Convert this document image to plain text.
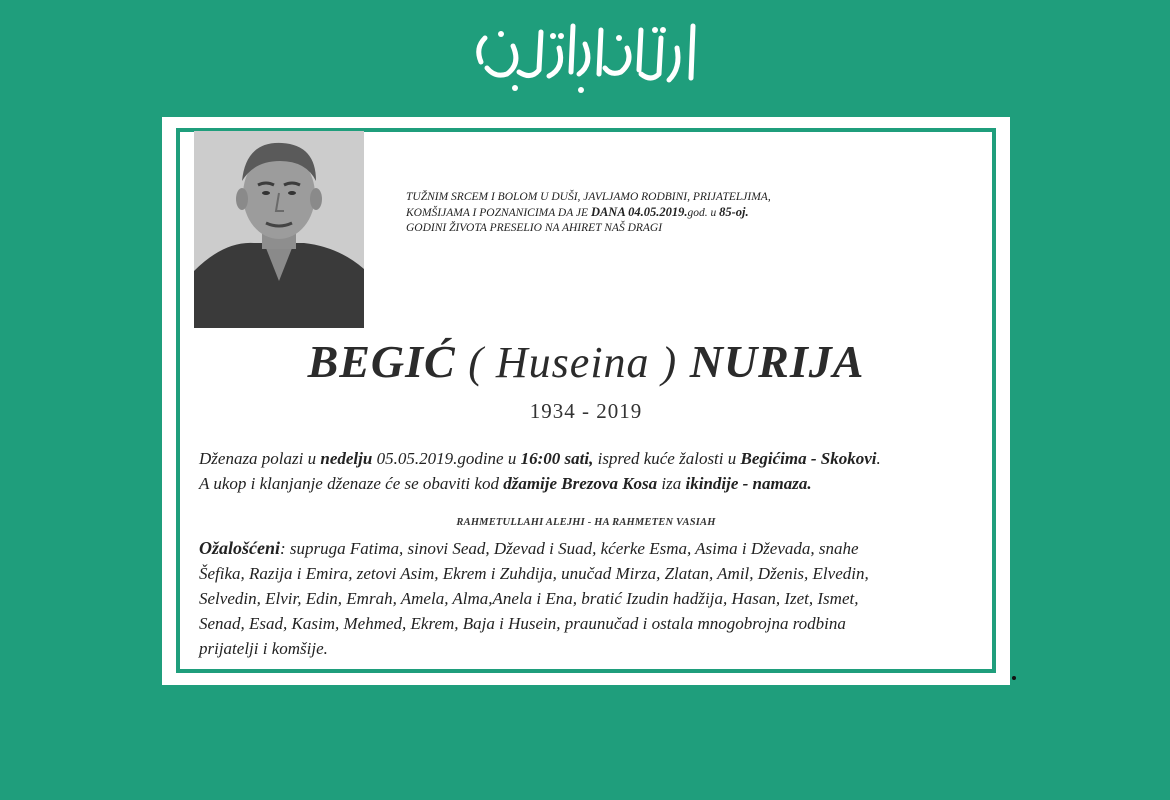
TUŽNIM SRCEM I BOLOM U DUŠI, JAVLJAMO RODBINI, PRIJATELJIMA,
KOMŠIJAMA I POZNANICIMA DA JE DANA 04.05.2019.god. u 85-oj.
GODINI ŽIVOTA PRESELIO NA AHIRET NAŠ DRAGI
BEGIĆ ( Huseina ) NURIJA
1934 - 2019
Dženaza polazi u nedelju 05.05.2019.godine u 16:00 sati, ispred kuće žalosti u Begićima - Skokovi.
A ukop i klanjanje dženaze će se obaviti kod džamije Brezova Kosa iza ikindije - namaza.
RAHMETULLAHI ALEJHI - HA RAHMETEN VASIAH
Ožalošćeni: supruga Fatima, sinovi Sead, Dževad i Suad, kćerke Esma, Asima i Dževada, snahe
Šefika, Razija i Emira, zetovi Asim, Ekrem i Zuhdija, unučad Mirza, Zlatan, Amil, Dženis, Elvedin,
Selvedin, Elvir, Edin, Emrah, Amela, Alma,Anela i Ena, bratić Izudin hadžija, Hasan, Izet, Ismet,
Senad, Esad, Kasim, Mehmed, Ekrem, Baja i Husein, praunučad i ostala mnogobrojna rodbina
prijatelji i komšije.
